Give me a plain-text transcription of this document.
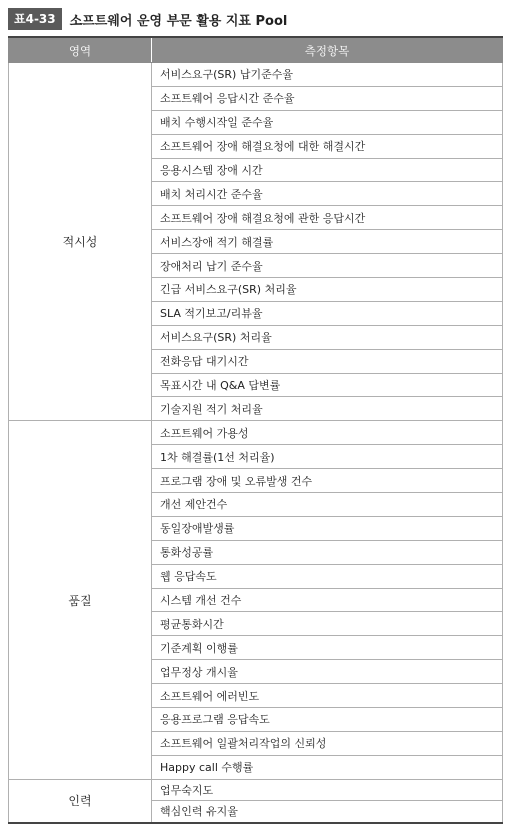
표4-33	소프트웨어 운영 부문 활용 지표 Pool
영역	측정항목
적시성	서비스요구(SR) 납기준수율
	소프트웨어 응답시간 준수율
	배치 수행시작일 준수율
	소프트웨어 장애 해결요청에 대한 해결시간
	응용시스템 장애 시간
	배치 처리시간 준수율
	소프트웨어 장애 해결요청에 관한 응답시간
	서비스장애 적기 해결률
	장애처리 납기 준수율
	긴급 서비스요구(SR) 처리율
	SLA 적기보고/리뷰율
	서비스요구(SR) 처리율
	전화응답 대기시간
	목표시간 내 Q&A 답변률
	기술지원 적기 처리율
품질	소프트웨어 가용성
	1차 해결률(1선 처리율)
	프로그램 장애 및 오류발생 건수
	개선 제안건수
	동일장애발생률
	통화성공률
	웹 응답속도
	시스템 개선 건수
	평균통화시간
	기준계획 이행률
	업무정상 개시율
	소프트웨어 에러빈도
	응용프로그램 응답속도
	소프트웨어 일괄처리작업의 신뢰성
	Happy call 수행률
인력	업무숙지도
	핵심인력 유지율
